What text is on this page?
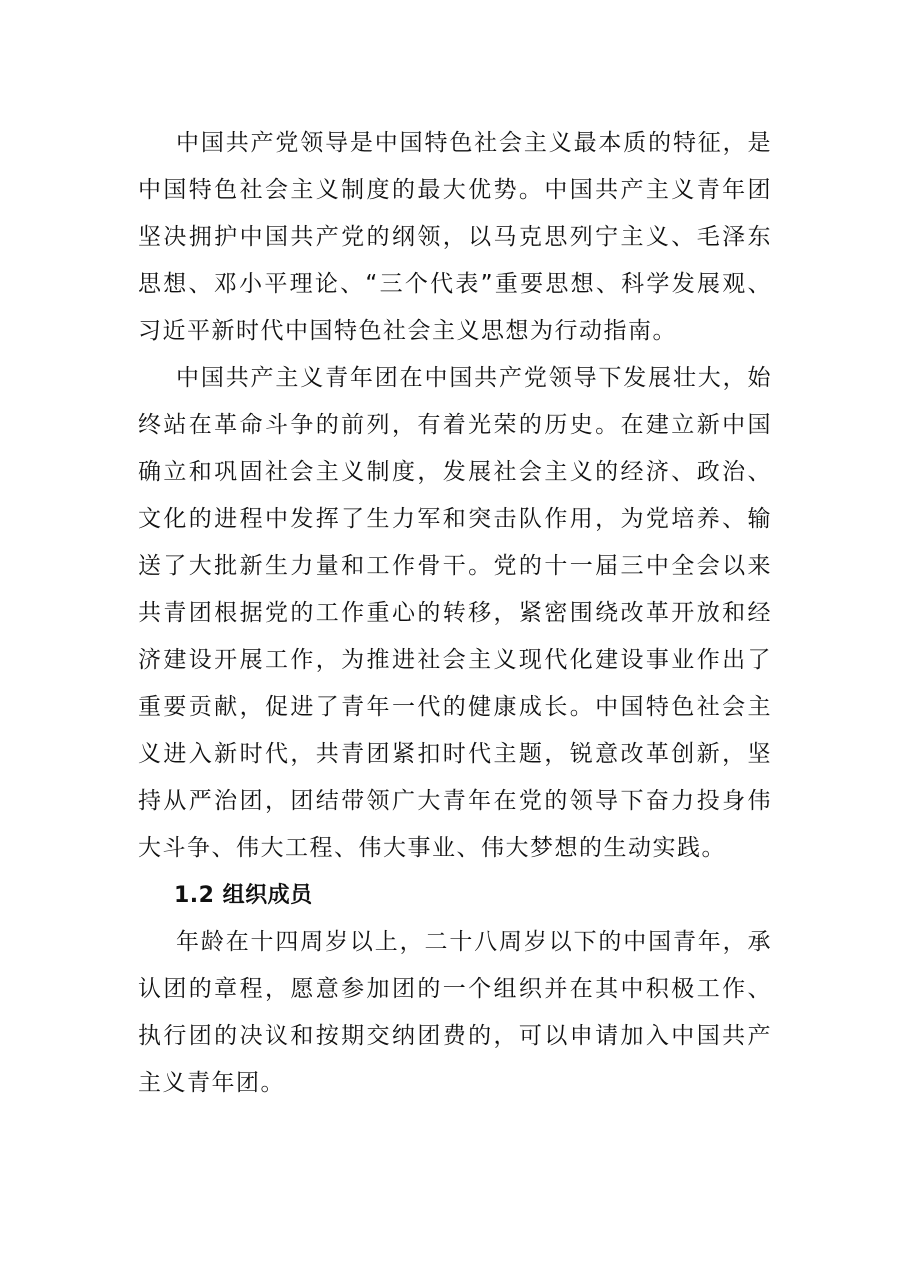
中国共产党领导是中国特色社会主义最本质的特征，是中国特色社会主义制度的最大优势。中国共产主义青年团坚决拥护中国共产党的纲领，以马克思列宁主义、毛泽东思想、邓小平理论、“三个代表”重要思想、科学发展观、习近平新时代中国特色社会主义思想为行动指南。

中国共产主义青年团在中国共产党领导下发展壮大，始终站在革命斗争的前列，有着光荣的历史。在建立新中国确立和巩固社会主义制度，发展社会主义的经济、政治、文化的进程中发挥了生力军和突击队作用，为党培养、输送了大批新生力量和工作骨干。党的十一届三中全会以来共青团根据党的工作重心的转移，紧密围绕改革开放和经济建设开展工作，为推进社会主义现代化建设事业作出了重要贡献，促进了青年一代的健康成长。中国特色社会主义进入新时代，共青团紧扣时代主题，锐意改革创新，坚持从严治团，团结带领广大青年在党的领导下奋力投身伟大斗争、伟大工程、伟大事业、伟大梦想的生动实践。

1.2 组织成员

年龄在十四周岁以上，二十八周岁以下的中国青年，承认团的章程，愿意参加团的一个组织并在其中积极工作、执行团的决议和按期交纳团费的，可以申请加入中国共产主义青年团。
